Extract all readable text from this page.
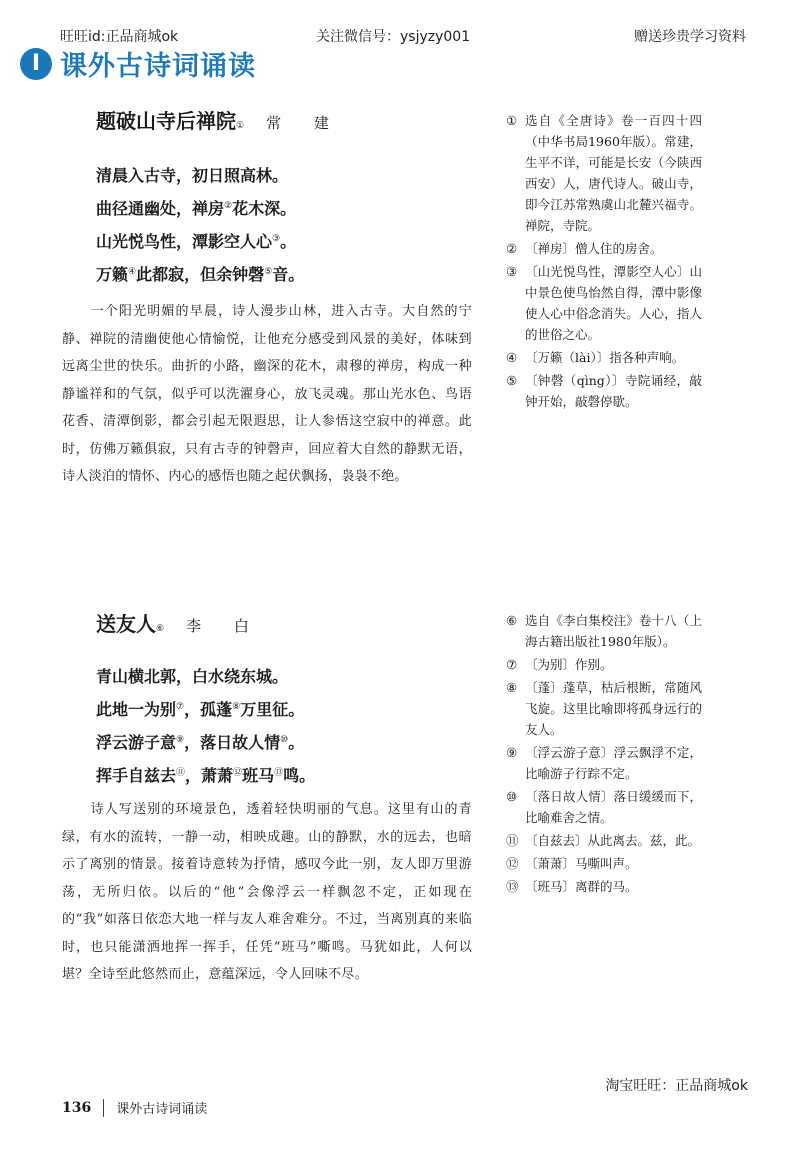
旺旺id:正品商城ok	关注微信号：ysjyzy001	赠送珍贵学习资料
I 课外古诗词诵读
题破山寺后禅院$_①$ 常 建
清晨入古寺，初日照高林。
曲径通幽处，禅房②花木深。
山光悦鸟性，潭影空人心③。
万籁④此都寂，但余钟磬⑤音。

一个阳光明媚的早晨，诗人漫步山林，进入古寺。大自然的宁静、禅院的清幽使他心情愉悦，让他充分感受到风景的美好，体味到远离尘世的快乐。曲折的小路，幽深的花木，肃穆的禅房，构成一种静谧祥和的气氛，似乎可以洗濯身心，放飞灵魂。那山光水色、鸟语花香、清潭倒影，都会引起无限遐思，让人参悟这空寂中的禅意。此时，仿佛万籁俱寂，只有古寺的钟磬声，回应着大自然的静默无语，诗人淡泊的情怀、内心的感悟也随之起伏飘扬，袅袅不绝。

① 选自《全唐诗》卷一百四十四（中华书局1960年版）。常建，生平不详，可能是长安（今陕西西安）人，唐代诗人。破山寺，即今江苏常熟虞山北麓兴福寺。禅院，寺院。
② 〔禅房〕僧人住的房舍。
③ 〔山光悦鸟性，潭影空人心〕山中景色使鸟怡然自得，潭中影像使人心中俗念消失。人心，指人的世俗之心。
④ 〔万籁（lài）〕指各种声响。
⑤ 〔钟磬（qìng）〕寺院诵经，敲钟开始，敲磬停歇。
送友人$_⑥$ 李 白
青山横北郭，白水绕东城。
此地一为别⑦，孤蓬⑧万里征。
浮云游子意⑨，落日故人情⑩。
挥手自兹去⑪，萧萧⑫班马⑬鸣。

诗人写送别的环境景色，透着轻快明丽的气息。这里有山的青绿，有水的流转，一静一动，相映成趣。山的静默，水的远去，也暗示了离别的情景。接着诗意转为抒情，感叹今此一别，友人即万里游荡，无所归依。以后的“他”会像浮云一样飘忽不定，正如现在的“我”如落日依恋大地一样与友人难舍难分。不过，当离别真的来临时，也只能潇洒地挥一挥手，任凭“班马”嘶鸣。马犹如此，人何以堪？全诗至此悠然而止，意蕴深远，令人回味不尽。

⑥ 选自《李白集校注》卷十八（上海古籍出版社1980年版）。
⑦ 〔为别〕作别。
⑧ 〔蓬〕蓬草，枯后根断，常随风飞旋。这里比喻即将孤身远行的友人。
⑨ 〔浮云游子意〕浮云飘浮不定，比喻游子行踪不定。
⑩ 〔落日故人情〕落日缓缓而下，比喻难舍之情。
⑪ 〔自兹去〕从此离去。兹，此。
⑫ 〔萧萧〕马嘶叫声。
⑬ 〔班马〕离群的马。
淘宝旺旺：正品商城ok
136 课外古诗词诵读
